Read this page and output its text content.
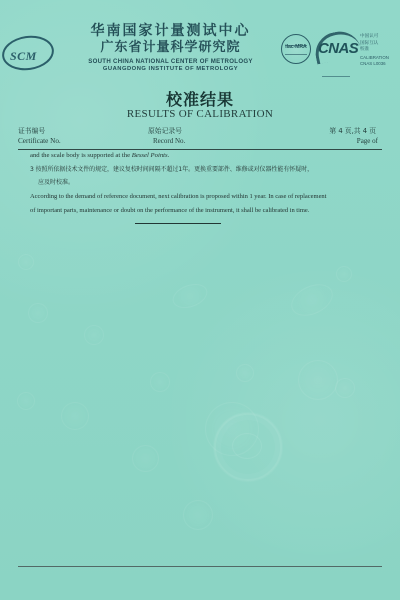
SCM
华南国家计量测试中心
广东省计量科学研究院
SOUTH CHINA NATIONAL CENTER OF METROLOGY
GUANGDONG INSTITUTE OF METROLOGY
ilac-MRA CNAS
中国认可
国际互认
校准
CALIBRATION
CNAS L0036
校准结果
RESULTS OF CALIBRATION
证书编号
Certificate No.
原始记录号
Record No.
第 4 页,共 4 页
Page of
and the scale body is supported at the Bessel Points.
3 按照所依据技术文件的规定，建议复校时间间隔不超过1年。更换重要部件、维修或对仪器性能有怀疑时，
应及时校准。
According to the demand of reference document, next calibration is proposed within 1 year. In case of replacement
of important parts, maintenance or doubt on the performance of the instrument, it shall be calibrated in time.
